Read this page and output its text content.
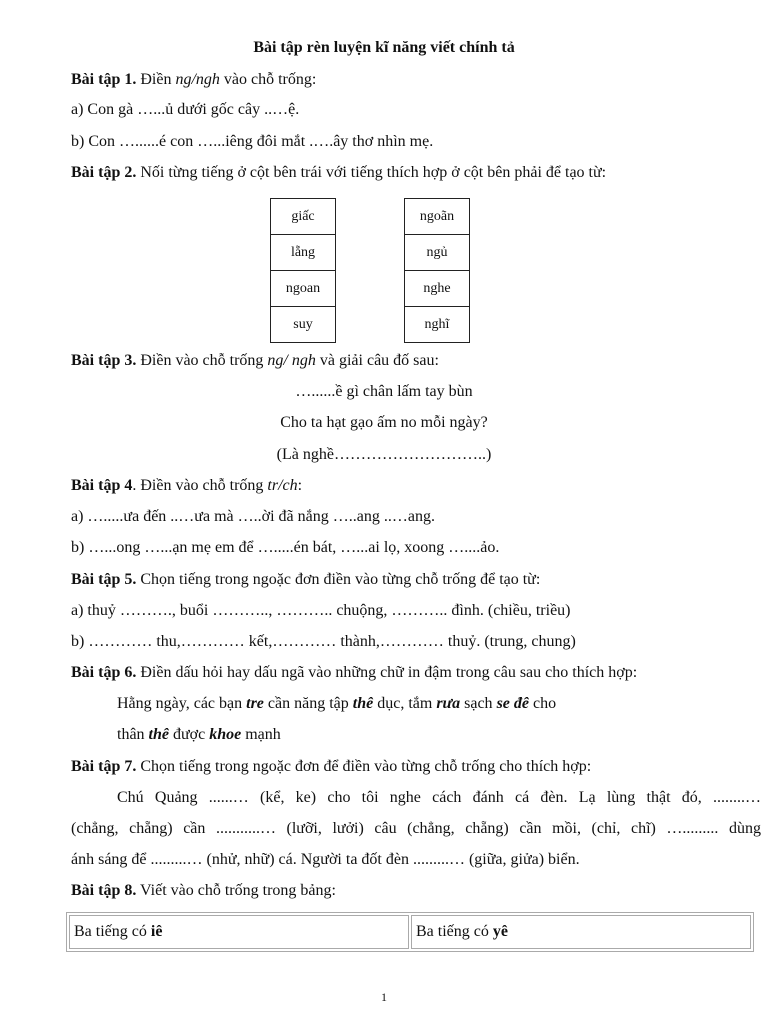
Bài tập rèn luyện kĩ năng viết chính tả
Bài tập 1. Điền ng/ngh vào chỗ trống:
a) Con gà …...ủ dưới gốc cây ..…ệ.
b) Con …......é con …...iêng đôi mắt .….ây thơ nhìn mẹ.
Bài tập 2. Nối từng tiếng ở cột bên trái với tiếng thích hợp ở cột bên phải để tạo từ:
giấc
lẵng
ngoan
suy
ngoãn
ngủ
nghe
nghĩ
Bài tập 3. Điền vào chỗ trống ng/ ngh và giải câu đố sau:
…......ề gì chân lấm tay bùn
Cho ta hạt gạo ấm no mỗi ngày?
(Là nghề………………………..)
Bài tập 4. Điền vào chỗ trống tr/ch:
a) ….....ưa đến ..…ưa mà …..ời đã nắng …..ang ..…ang.
b) …...ong …...ạn mẹ em để ….....én bát, …...ai lọ, xoong …....ảo.
Bài tập 5. Chọn tiếng trong ngoặc đơn điền vào từng chỗ trống để tạo từ:
a) thuỷ ………., buổi ……….., ……….. chuộng, ……….. đình. (chiều, triều)
b) ………… thu,………… kết,………… thành,………… thuỷ. (trung, chung)
Bài tập 6. Điền dấu hỏi hay dấu ngã vào những chữ in đậm trong câu sau cho thích hợp:
Hằng ngày, các bạn tre cần năng tập thê dục, tắm rưa sạch se đê cho
thân thê được khoe mạnh
Bài tập 7. Chọn tiếng trong ngoặc đơn để điền vào từng chỗ trống cho thích hợp:
Chú Quảng ......… (kể, ke) cho tôi nghe cách đánh cá đèn. Lạ lùng thật đó, ........…
(chẳng, chẵng) cần ...........… (lưỡi, lưởi) câu (chẳng, chẵng) cần mồi, (chỉ, chĩ) …......... dùng
ánh sáng để .........… (nhử, nhữ) cá. Người ta đốt đèn .........… (giữa, giửa) biển.
Bài tập 8. Viết vào chỗ trống trong bảng:
Ba tiếng có iê	Ba tiếng có yê
1
